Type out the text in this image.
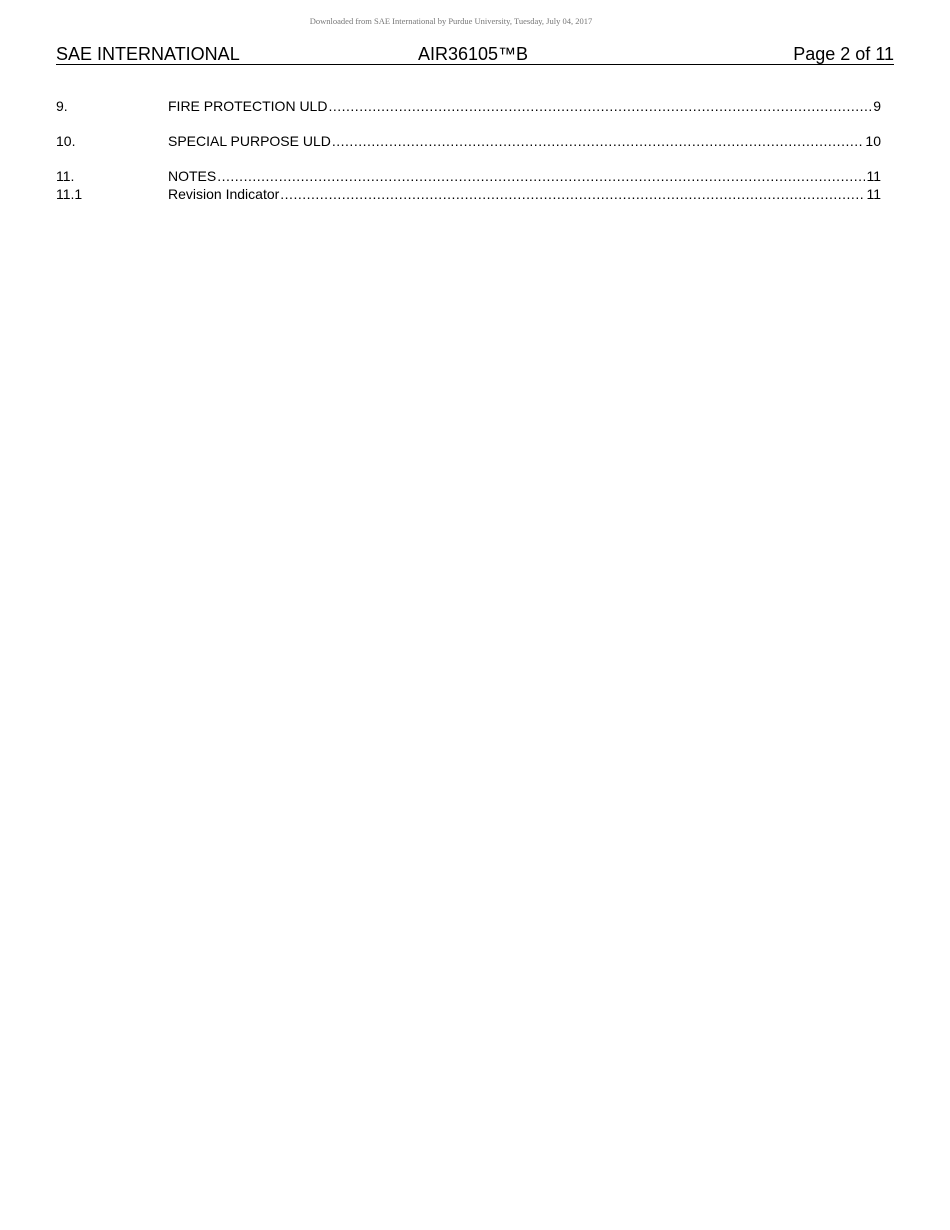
Downloaded from SAE International by Purdue University, Tuesday, July 04, 2017
SAE INTERNATIONAL	AIR36105™B	Page 2 of 11
9.	FIRE PROTECTION ULD .....	9
10.	SPECIAL PURPOSE ULD .....	10
11.	NOTES .....	11
11.1	Revision Indicator .....	11
